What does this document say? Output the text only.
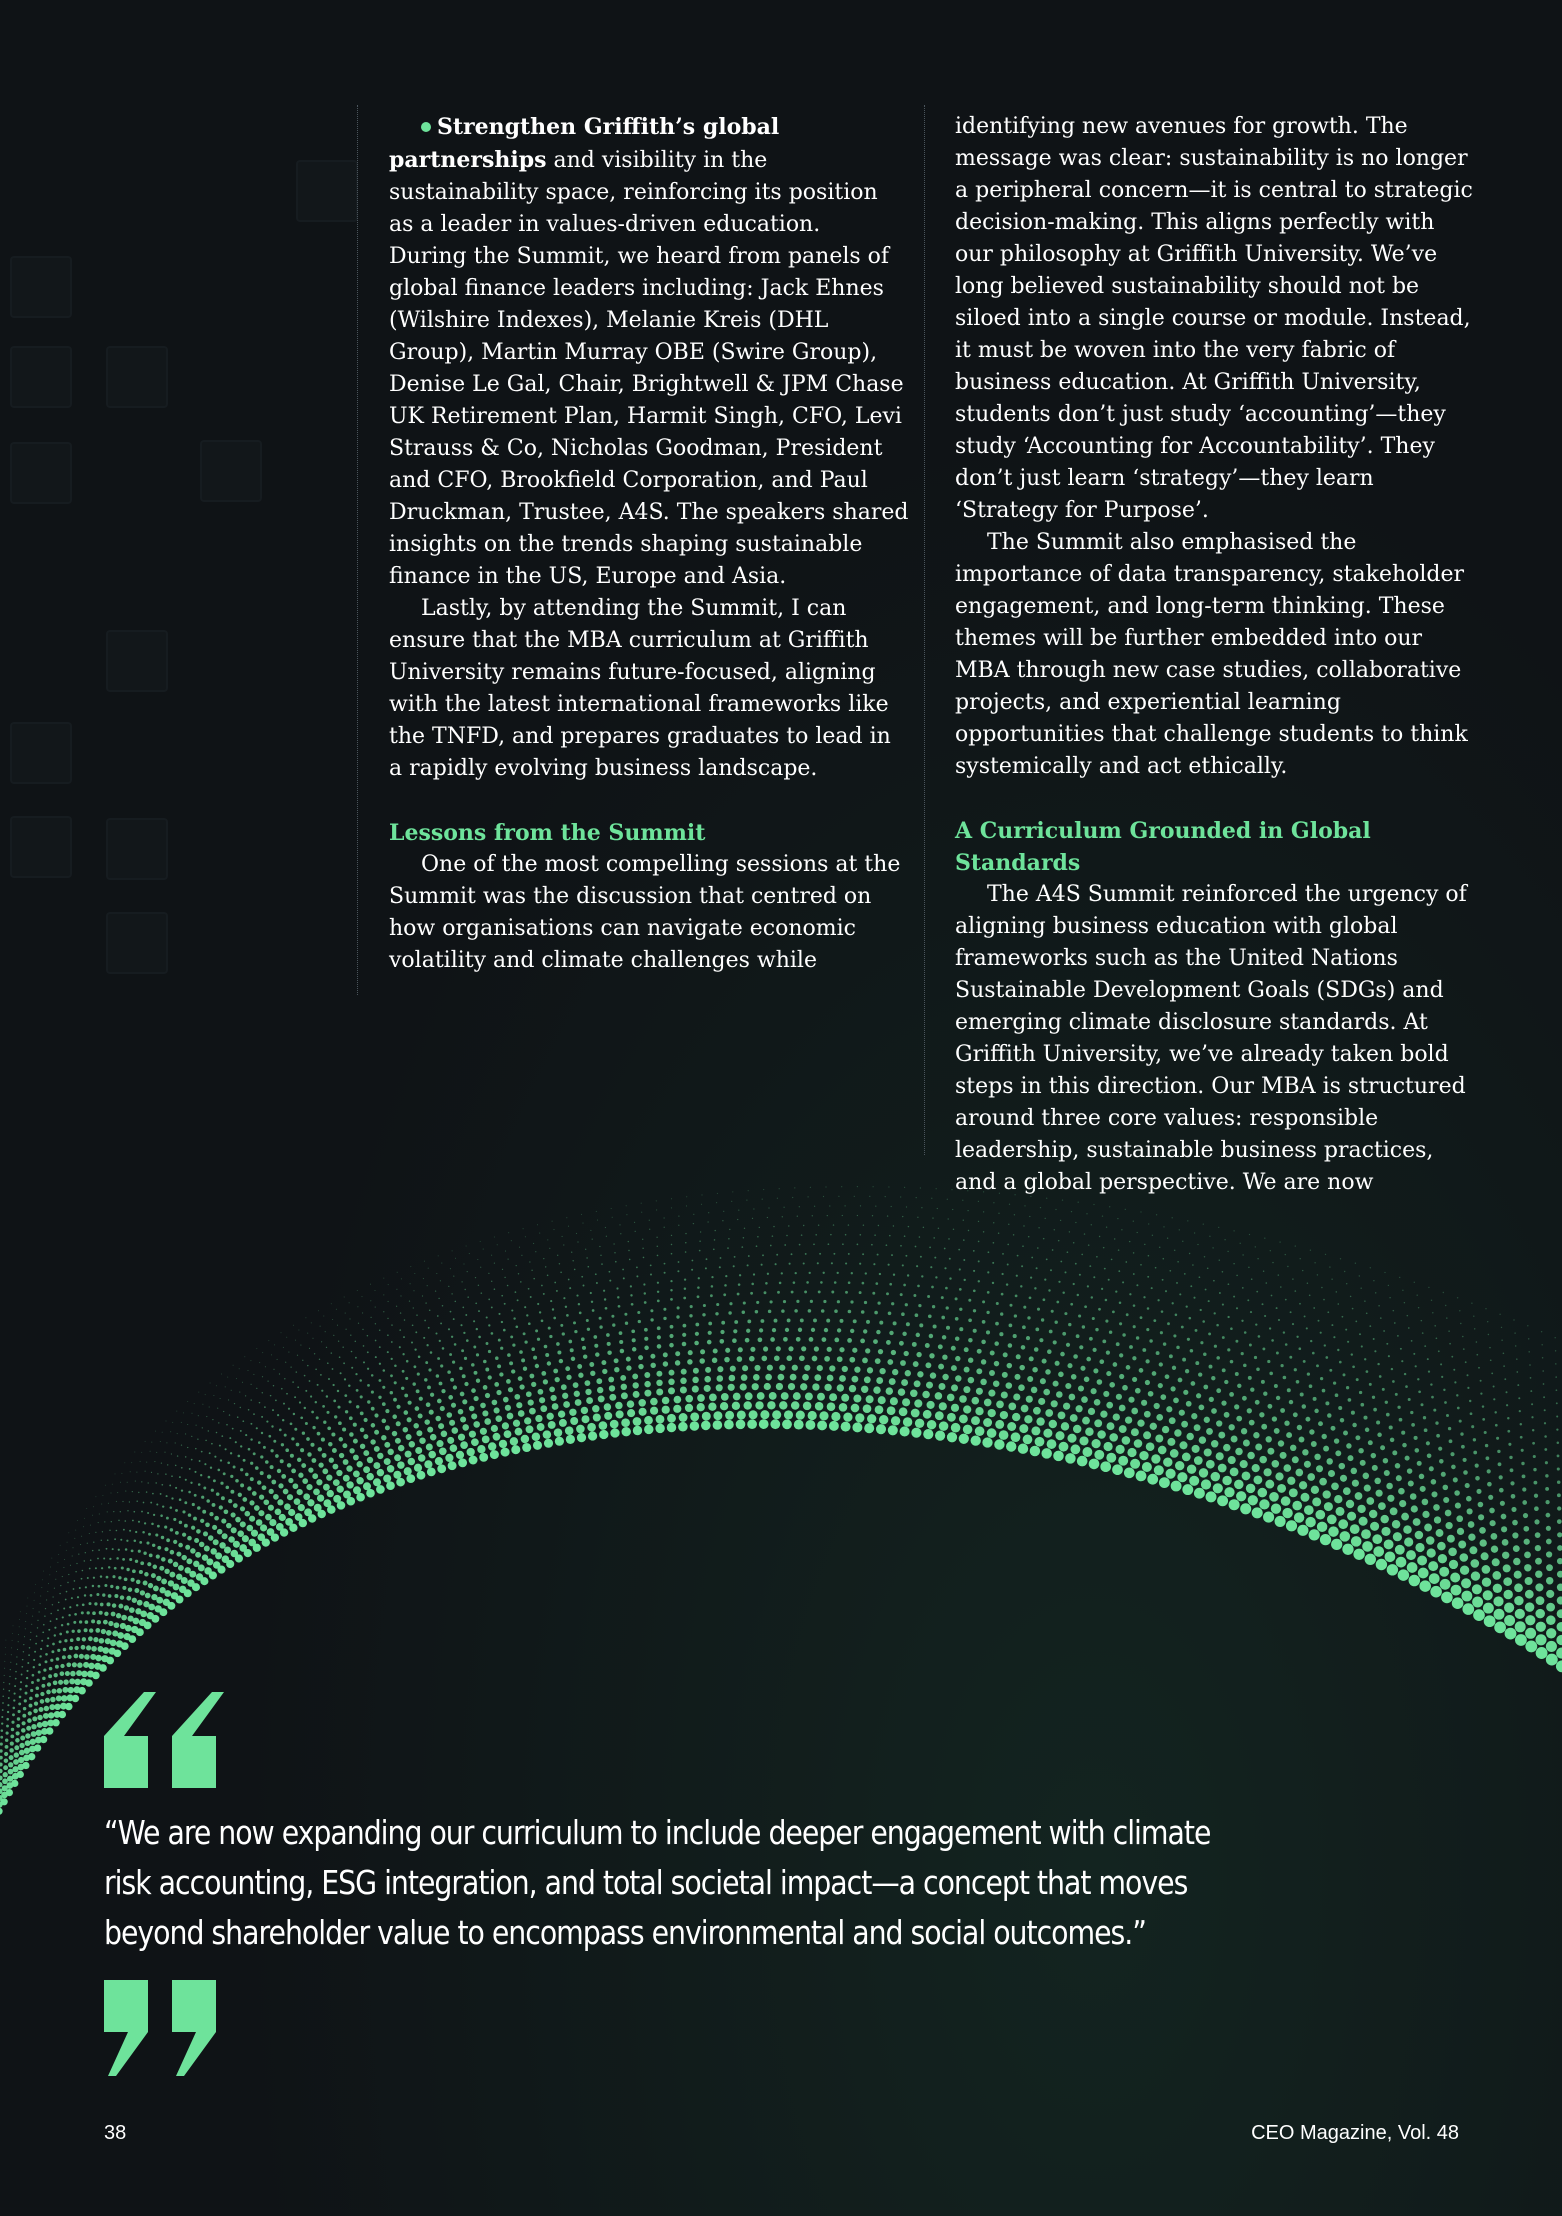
Strengthen Griffith’s global partnerships and visibility in the sustainability space, reinforcing its position as a leader in values-driven education.

During the Summit, we heard from panels of global finance leaders including: Jack Ehnes (Wilshire Indexes), Melanie Kreis (DHL Group), Martin Murray OBE (Swire Group), Denise Le Gal, Chair, Brightwell & JPM Chase UK Retirement Plan, Harmit Singh, CFO, Levi Strauss & Co, Nicholas Goodman, President and CFO, Brookfield Corporation, and Paul Druckman, Trustee, A4S. The speakers shared insights on the trends shaping sustainable finance in the US, Europe and Asia.

Lastly, by attending the Summit, I can ensure that the MBA curriculum at Griffith University remains future-focused, aligning with the latest international frameworks like the TNFD, and prepares graduates to lead in a rapidly evolving business landscape.

Lessons from the Summit

One of the most compelling sessions at the Summit was the discussion that centred on how organisations can navigate economic volatility and climate challenges while

identifying new avenues for growth. The message was clear: sustainability is no longer a peripheral concern—it is central to strategic decision-making. This aligns perfectly with our philosophy at Griffith University. We’ve long believed sustainability should not be siloed into a single course or module. Instead, it must be woven into the very fabric of business education. At Griffith University, students don’t just study ‘accounting’—they study ‘Accounting for Accountability’. They don’t just learn ‘strategy’—they learn ‘Strategy for Purpose’.

The Summit also emphasised the importance of data transparency, stakeholder engagement, and long-term thinking. These themes will be further embedded into our MBA through new case studies, collaborative projects, and experiential learning opportunities that challenge students to think systemically and act ethically.

A Curriculum Grounded in Global Standards

The A4S Summit reinforced the urgency of aligning business education with global frameworks such as the United Nations Sustainable Development Goals (SDGs) and emerging climate disclosure standards. At Griffith University, we’ve already taken bold steps in this direction. Our MBA is structured around three core values: responsible leadership, sustainable business practices, and a global perspective. We are now

“We are now expanding our curriculum to include deeper engagement with climate risk accounting, ESG integration, and total societal impact—a concept that moves beyond shareholder value to encompass environmental and social outcomes.”
38	CEO Magazine, Vol. 48
